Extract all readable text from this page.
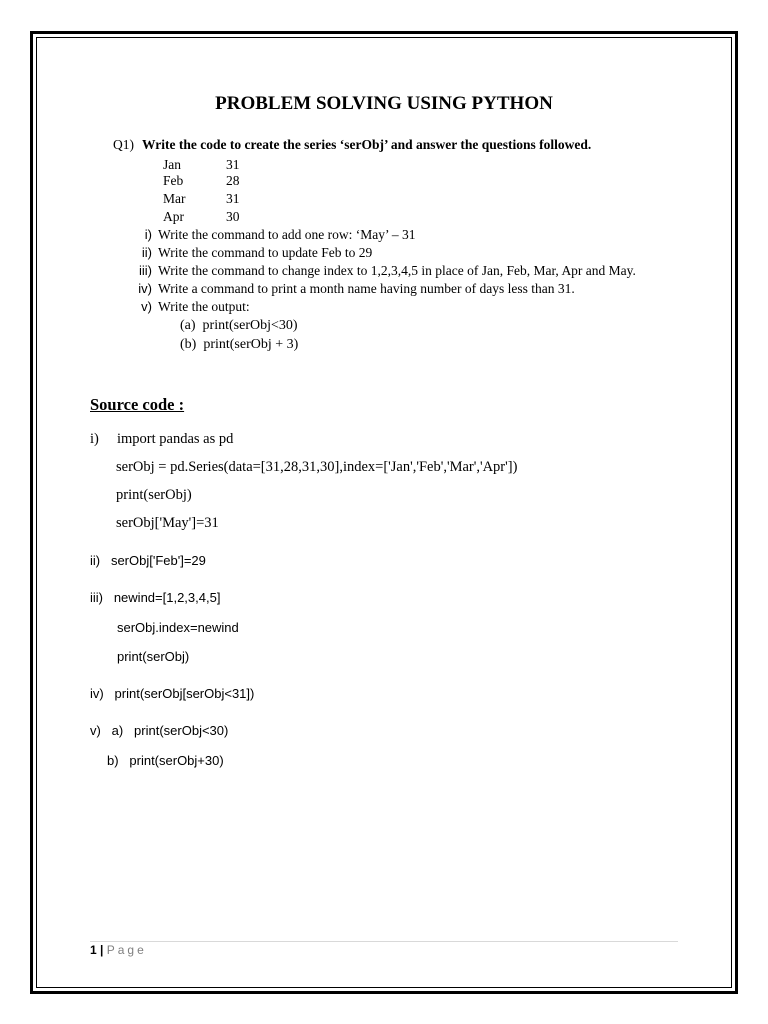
PROBLEM SOLVING USING PYTHON
Q1) Write the code to create the series ‘serObj’ and answer the questions followed.
Jan	31
Feb	28
Mar	31
Apr	30
i) Write the command to add one row: ‘May’ – 31
ii) Write the command to update Feb to 29
iii) Write the command to change index to 1,2,3,4,5 in place of Jan, Feb, Mar, Apr and May.
iv) Write a command to print a month name having number of days less than 31.
v) Write the output:
(a) print(serObj<30)
(b) print(serObj + 3)
Source code :
i)     import pandas as pd
serObj = pd.Series(data=[31,28,31,30],index=['Jan','Feb','Mar','Apr'])
print(serObj)
serObj['May']=31
ii)   serObj['Feb']=29
iii)   newind=[1,2,3,4,5]
serObj.index=newind
print(serObj)
iv)   print(serObj[serObj<31])
v)   a)   print(serObj<30)
b)   print(serObj+30)
1 | Page
